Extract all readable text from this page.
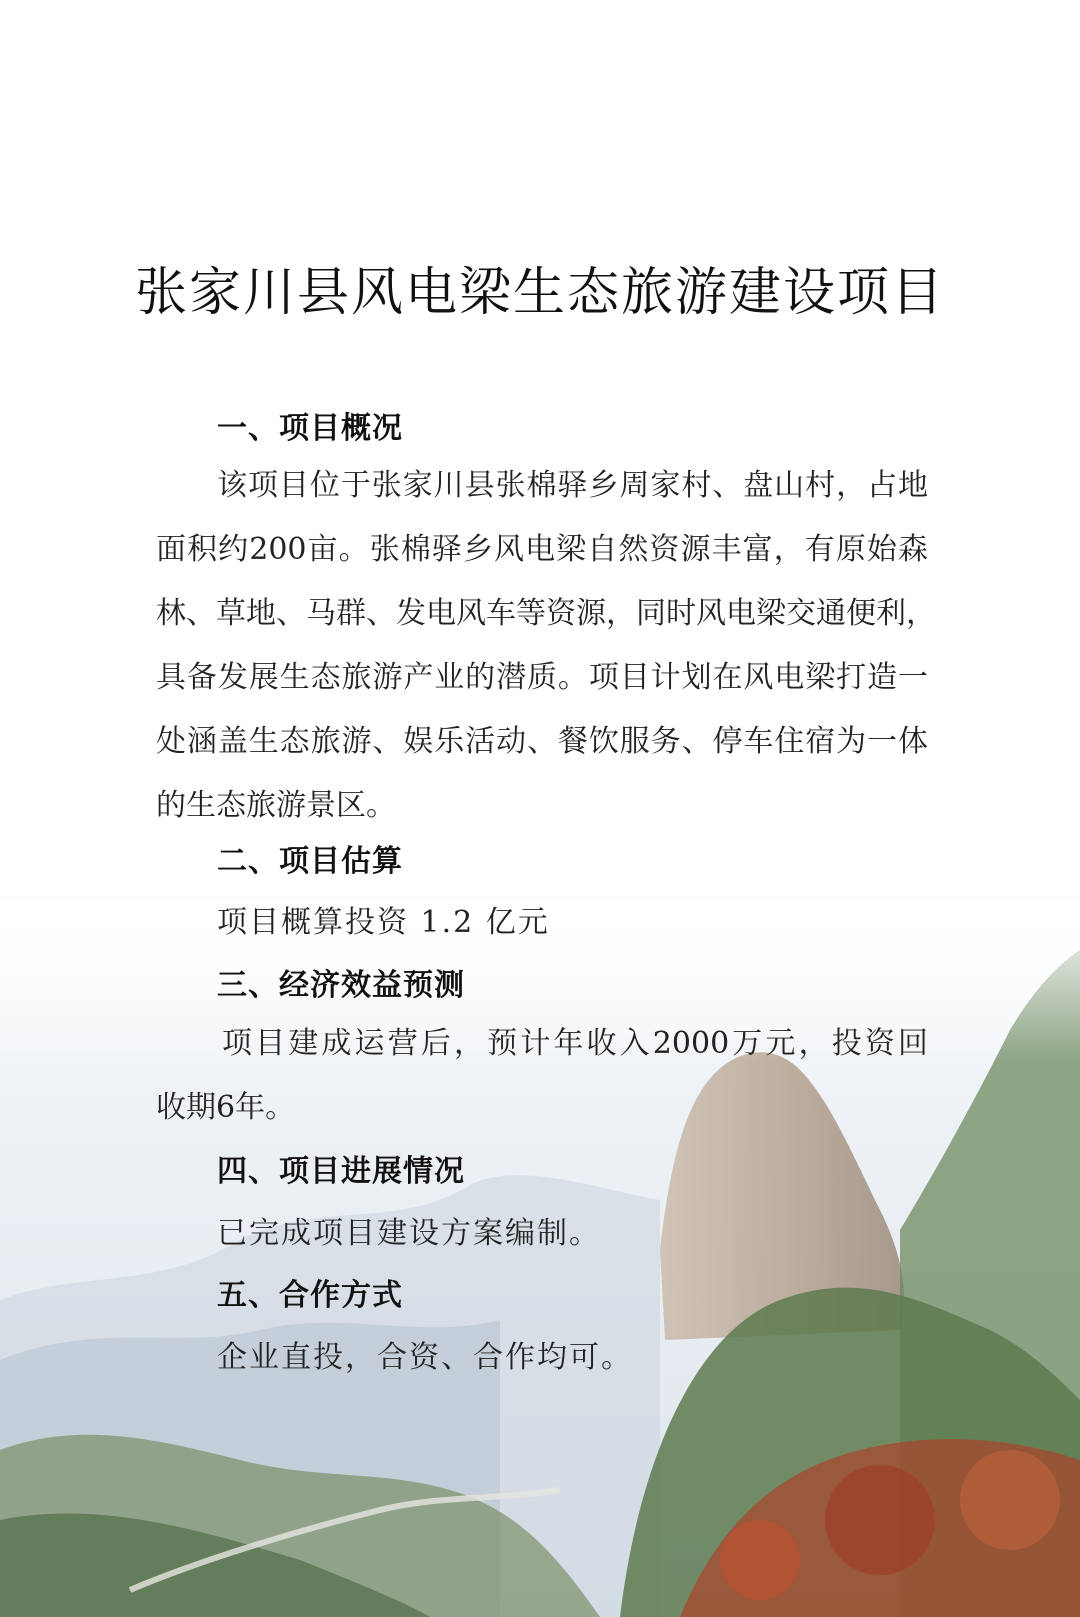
张家川县风电梁生态旅游建设项目
一、项目概况
该项目位于张家川县张棉驿乡周家村、盘山村，占地
面积约200亩。张棉驿乡风电梁自然资源丰富，有原始森
林、草地、马群、发电风车等资源，同时风电梁交通便利，
具备发展生态旅游产业的潜质。项目计划在风电梁打造一
处涵盖生态旅游、娱乐活动、餐饮服务、停车住宿为一体
的生态旅游景区。
二、项目估算
项目概算投资 1.2 亿元
三、经济效益预测
项目建成运营后，预计年收入2000万元，投资回
收期6年。
四、项目进展情况
已完成项目建设方案编制。
五、合作方式
企业直投，合资、合作均可。
